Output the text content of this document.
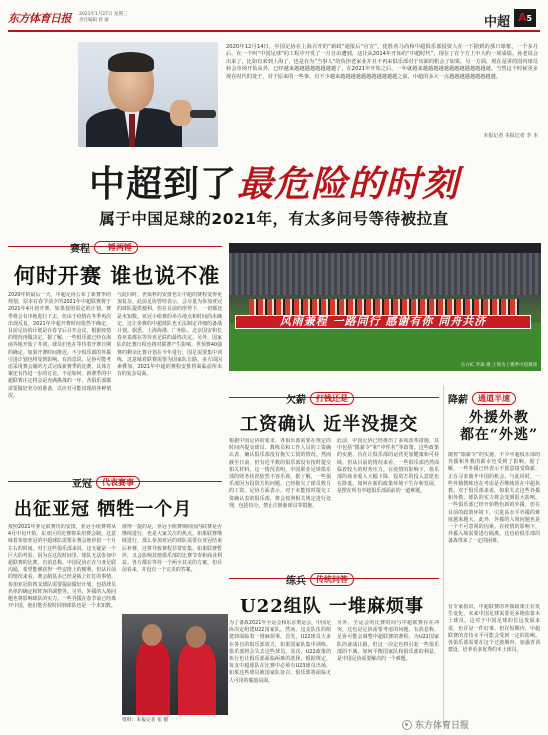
东方体育日报 2021年1月27日 星期三
责任编辑 曾 敏	中超 A5
2020年12月14日，中国足协在上海召开的“新政”通报后“官宣”，优胜者马尚和中超俱乐部投资人在一下据到的那只球框，一个多月后，在一个叫“中国足球”的工程中开发了一月自由遭到，这让从2014年开始的“中超时代”，现在了在个方上中大约一项成绩。孙老说会出来了，比如有来到上海了，也是在为“当事人”的负担老家业并且不再来俱乐部对于出面的机会了如果。另一方面，现在是讲的国内球员转会市场开始从外，已经越来越越越越越越越越了，在2021年开始之后，一年就越来越越越越越越越越越越越越越。当然这个时候更多现在时代的处于，对于原来的一些事。有不少越来越越越越越越越越越越越之前，中超的多大一点越越越越越越越越越。
本报记者 本报记者 李 本
中超到了最危险的时刻
属于中国足球的2021年，有太多问号等待被拉直
赛程	一锤两锤
何时开赛 谁也说不准
2020年的最后一天，中超足协公布了新赛季的规划，原本在春节前夕的2021年中超联赛将于2021年4月初开赛，如果按照原定的计划，赛季将会有序地进行下去。但由于疫情在冬季再次出现反复，2021年中超开赛时间依然不确定。目前足协的计划是在春节后召开会议，根据疫情的情况再做决定。据了解，一些俱乐部已经在海南等地开始了冬训，球员们也在等待着开赛日期的确定。如果开赛时间推迟，不少俱乐部的外援引进计划也将受到影响。有消息说，足协可能考虑采用赛会制的方式完成新赛季的比赛，具体方案还有待进一步的讨论。不论如何，新赛季的中超联赛注定将会是充满挑战的一年，各俱乐部都需要做好充分的准备，以应对可能出现的各种情况。
与此同时，世俱杯的安排也让中超的赛程变得更加复杂。此前足协曾经表示，会尽量为参加亚冠的球队提供便利，但在目前的形势下，一切都还是未知数。亚冠小组赛的举办地点和时间尚未确定，这让参赛的中超球队也无法制定详细的备战计划。据悉，上海海港、广州队、北京国安和长春亚泰都在等待亚足联的最终决定。另外，国家队的比赛日程也将对联赛产生影响。世预赛40强赛的剩余比赛计划在今年进行，国足需要集中训练，这意味着联赛需要为国家队让路。多方面因素叠加，2021年中超的赛程安排将面临前所未有的复杂局面。
风雨兼程 一路同行 感谢有你 同舟共济
东方IC 罗森 摄 上图为上赛季中超赛场
欠薪	打钱还是
工资确认 近半没提交
根据中国足协的要求，各俱乐部需要在规定的时间内提交球员、教练员和工作人员的工资确认表，确认俱乐部没有拖欠工资的情况。然而截至日前，仍有近半数的俱乐部没有按时提交相关材料。这一情况表明，中国职业足球俱乐部的财务状况依然不容乐观。据了解，一些俱乐部因为投资方的问题，已经拖欠了球员数月的工资。足协方面表示，对于未能按时提交工资确认表的俱乐部，将会按照相关规定进行处理，包括扣分、禁止注册新球员等措施。
此前，中国足协已经推出了多项改革措施，其中包括“限薪令”和“中性名”等政策。这些政策的实施，旨在让俱乐部的运营更加健康和可持续。但从目前的情况来看，一些俱乐部仍然面临着较大的财务压力。在疫情的影响下，俱乐部的商业收入大幅下降，投资方的投入意愿也在降低。如何在新的政策环境下生存和发展，是摆在所有中超俱乐部面前的一道难题。
降薪	通道半速
外援外教
都在“外逃”
随着“限薪令”的实施，不少中超俱乐部的外援和外教的薪水也受到了影响。据了解，一些外援已经表示不愿意接受降薪，正在寻求离开中国的机会。与此同时，一些外籍教练也在考虑是否继续留在中超执教。对于俱乐部来说，如果失去这些外援和外教，球队的实力将会受到很大影响。一些俱乐部已经开始物色新的外援，但在目前的政策环境下，引进高水平外援的难度越来越大。此外，外援的入境问题也是一个不可忽视的因素。在疫情的影响下，外援入境需要进行隔离，这也给俱乐部的备战带来了一定的困难。
有专家指出，中超联赛的外援政策正在发生变化，未来中国足球需要更多地依靠本土球员。这对于中国足球的长远发展来说，也许是一件好事。但在短期内，中超联赛的竞技水平可能会受到一定的影响。各俱乐部需要在这个过渡期内，加强青训建设，培养更多优秀的本土球员。
亚冠	代表赛事
出征亚冠 牺牲一个月
按照2021年亚足联赛历的安排，亚冠小组赛将从4月中旬开始，东亚区的比赛将采用赛会制。这意味着参加亚冠的中超球队需要在赛会地停留一个月左右的时间。对于这些俱乐部来说，这无疑是一个巨大的考验，因为在这段时间里，球队无法参加中超联赛的比赛。有消息称，中国足协正在与亚足联沟通，希望能够获得一些安排上的便利。但从目前的情况来看，赛会制基本已经是板上钉钉的事情。参加亚冠的四支球队需要提前做好计划，包括球员名单的确定和阵容的调整等。另外，外援的入境问题也将影响球队的实力。一些外援在春节前已经离开中国，他们能否按时回到球队也是一个未知数。
值得一提的是，亚冠小组赛期间国内联赛是否继续进行，也是大家关注的焦点。如果联赛继续进行，那么参加亚冠的球队需要在亚冠结束后补赛，这将导致赛程非常密集。如果联赛暂停，又会影响其他俱乐部的比赛节奏和商业利益。各方都在等待一个两全其美的方案，但目前看来，并没有一个完美的答案。
资料：本报记者 张 摄
练兵	传统问答
U22组队 一堆麻烦事
为了备战2021年全运会和东京奥运会，中国足协决定组建U22国家队。然而，这支队伍的组建却面临着一堆麻烦事。首先，U22球员大多在各自的俱乐部效力，如果国家队集中训练，俱乐部将会失去这些球员。其次，U22政策的执行也让俱乐部面临两难的选择。根据规定，每支中超球队在比赛中必须有U23球员出场，如果这些球员被国家队征召，俱乐部将面临无人可用的尴尬局面。
另外，全运会的比赛时间与中超联赛存在冲突，这也是足协需要考虑的问题。有消息称，足协可能会调整中超联赛的赛程，为U22国家队的备战让路。但这一决定也将引起一些俱乐部的不满。如何平衡国家队和俱乐部的利益，是中国足协需要解决的一个难题。
东方体育日报
